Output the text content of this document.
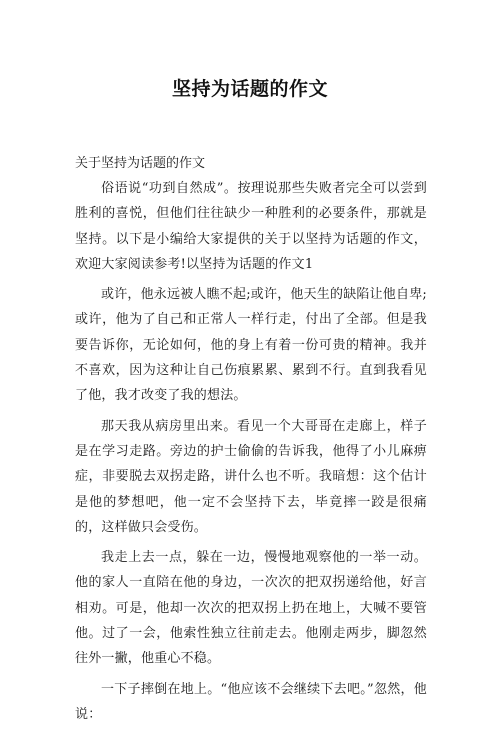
坚持为话题的作文
关于坚持为话题的作文

俗语说“功到自然成”。按理说那些失败者完全可以尝到胜利的喜悦，但他们往往缺少一种胜利的必要条件，那就是坚持。以下是小编给大家提供的关于以坚持为话题的作文，欢迎大家阅读参考!以坚持为话题的作文1

或许，他永远被人瞧不起;或许，他天生的缺陷让他自卑;或许，他为了自己和正常人一样行走，付出了全部。但是我要告诉你，无论如何，他的身上有着一份可贵的精神。我并不喜欢，因为这种让自己伤痕累累、累到不行。直到我看见了他，我才改变了我的想法。

那天我从病房里出来。看见一个大哥哥在走廊上，样子是在学习走路。旁边的护士偷偷的告诉我，他得了小儿麻痹症，非要脱去双拐走路，讲什么也不听。我暗想：这个估计是他的梦想吧，他一定不会坚持下去，毕竟摔一跤是很痛的，这样做只会受伤。

我走上去一点，躲在一边，慢慢地观察他的一举一动。他的家人一直陪在他的身边，一次次的把双拐递给他，好言相劝。可是，他却一次次的把双拐上扔在地上，大喊不要管他。过了一会，他索性独立往前走去。他刚走两步，脚忽然往外一撇，他重心不稳。

一下子摔倒在地上。“他应该不会继续下去吧。”忽然，他说：
